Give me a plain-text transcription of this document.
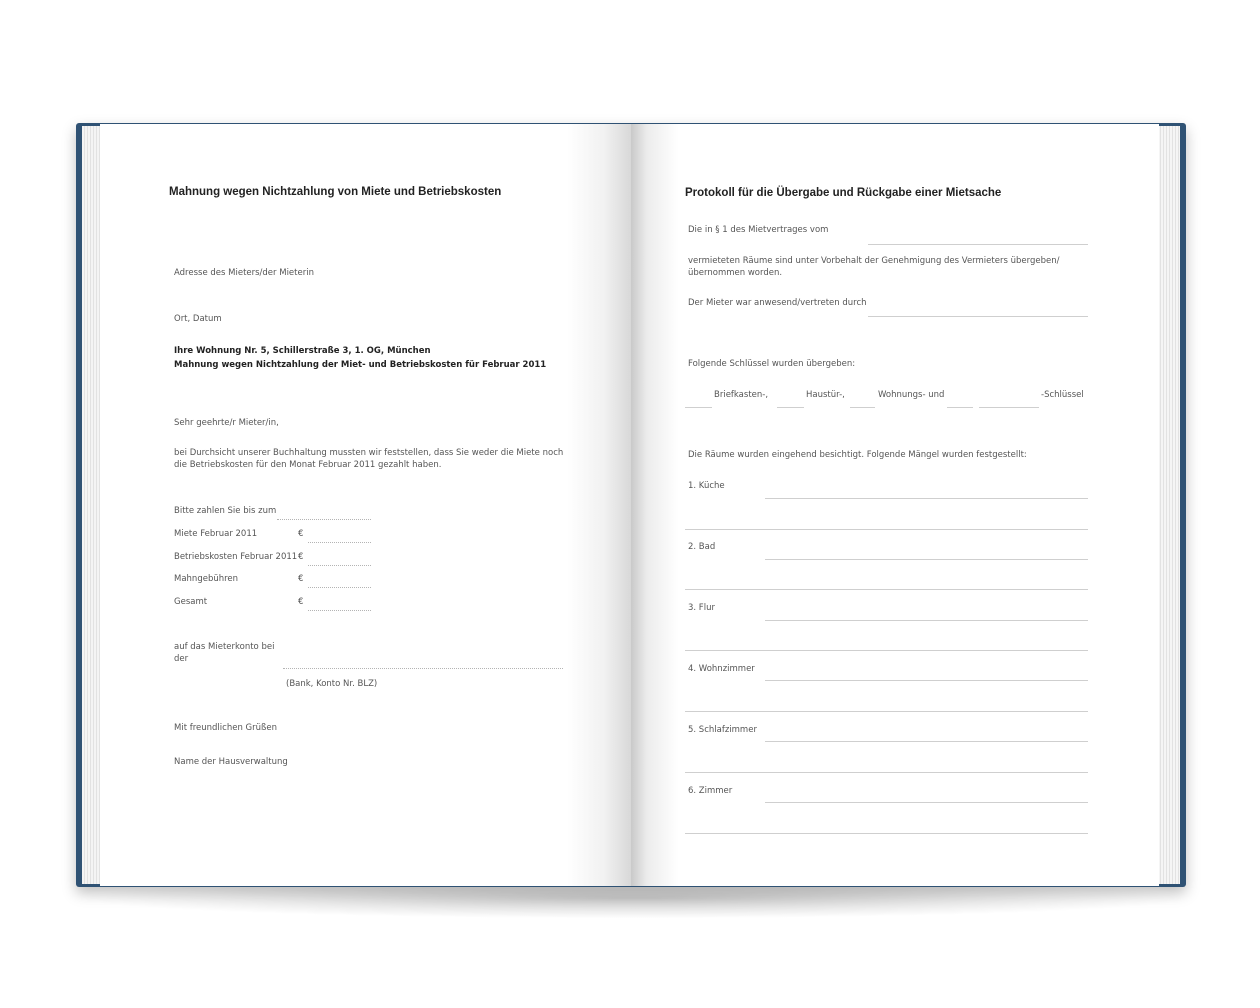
Mahnung wegen Nichtzahlung von Miete und Betriebskosten
Adresse des Mieters/der Mieterin
Ort, Datum
Ihre Wohnung Nr. 5, Schillerstraße 3, 1. OG, München
Mahnung wegen Nichtzahlung der Miet- und Betriebskosten für Februar 2011
Sehr geehrte/r Mieter/in,
bei Durchsicht unserer Buchhaltung mussten wir feststellen, dass Sie weder die Miete noch
die Betriebskosten für den Monat Februar 2011 gezahlt haben.
Bitte zahlen Sie bis zum
Miete Februar 2011	€
Betriebskosten Februar 2011 €
Mahngebühren	€
Gesamt	€
auf das Mieterkonto bei
der
(Bank, Konto Nr. BLZ)
Mit freundlichen Grüßen
Name der Hausverwaltung
Protokoll für die Übergabe und Rückgabe einer Mietsache
Die in § 1 des Mietvertrages vom
vermieteten Räume sind unter Vorbehalt der Genehmigung des Vermieters übergeben/
übernommen worden.
Der Mieter war anwesend/vertreten durch
Folgende Schlüssel wurden übergeben:
Briefkasten-,	Haustür-,	Wohnungs- und	-Schlüssel
Die Räume wurden eingehend besichtigt. Folgende Mängel wurden festgestellt:
1. Küche
2. Bad
3. Flur
4. Wohnzimmer
5. Schlafzimmer
6. Zimmer
